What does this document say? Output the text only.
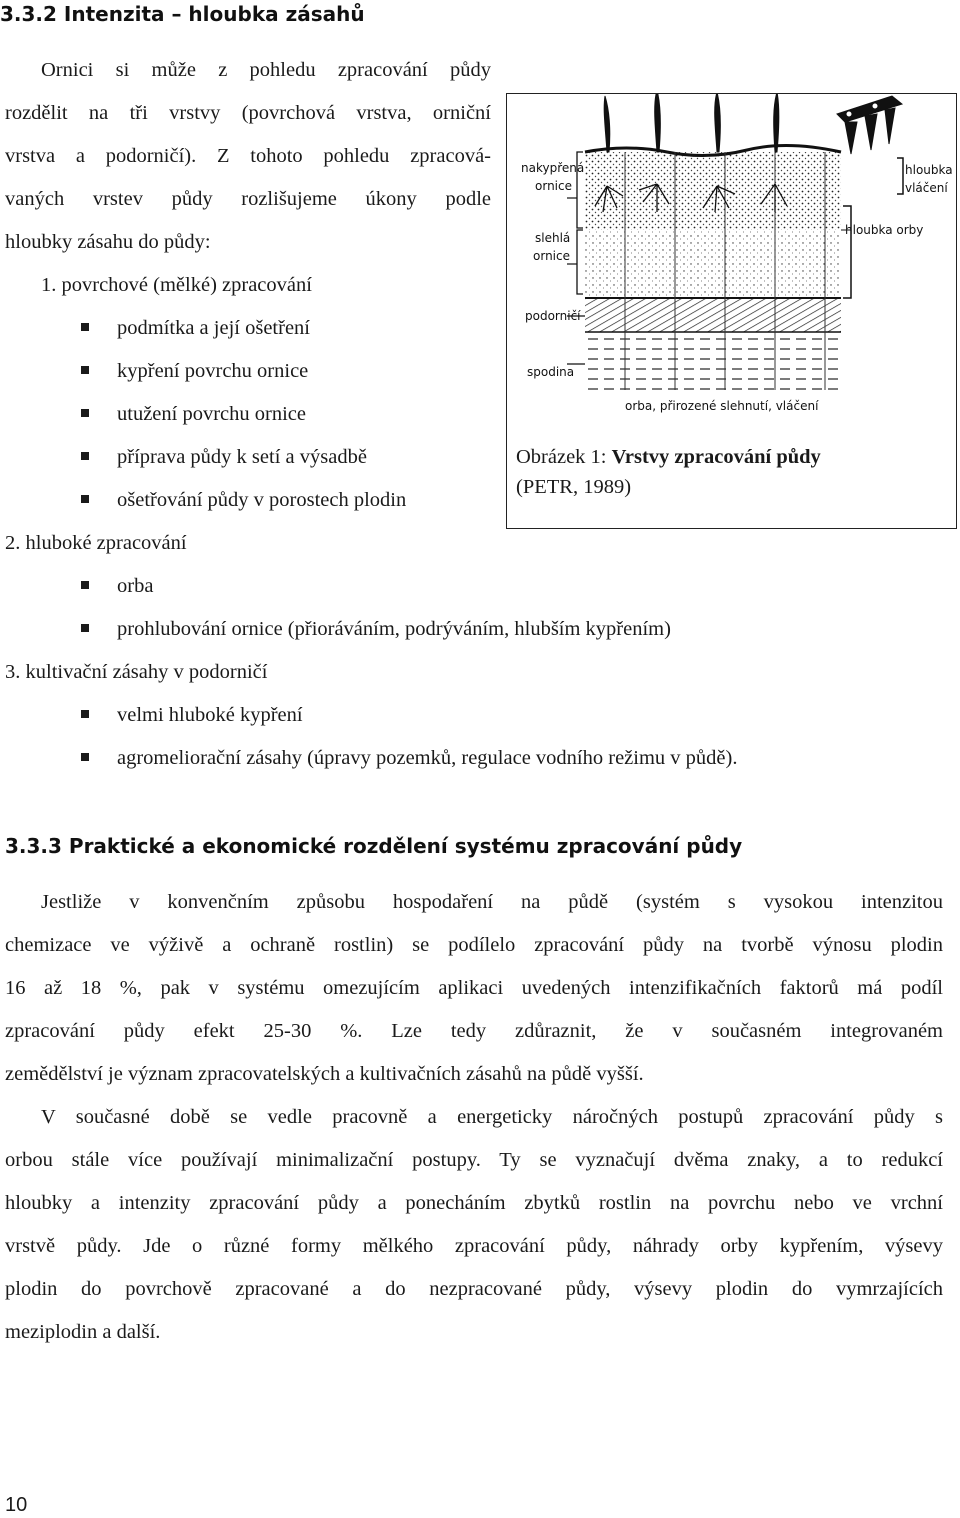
3.3.2 Intenzita – hloubka zásahů
Ornici si může z pohledu zpracování půdy
rozdělit na tři vrstvy (povrchová vrstva, orniční
vrstva a podorničí). Z tohoto pohledu zpracová-
vaných vrstev půdy rozlišujeme úkony podle
hloubky zásahu do půdy:
1. povrchové (mělké) zpracování
podmítka a její ošetření
kypření povrchu ornice
utužení povrchu ornice
příprava půdy k setí a výsadbě
ošetřování půdy v porostech plodin
2. hluboké zpracování
orba
prohlubování ornice (přioráváním, podrýváním, hlubším kypřením)
3. kultivační zásahy v podorničí
velmi hluboké kypření
agromeliorační zásahy (úpravy pozemků, regulace vodního režimu v půdě).
nakypřená
ornice
slehlá
ornice
podorničí
spodina
hloubka
vláčení
hloubka orby
orba, přirozené slehnutí, vláčení
Obrázek 1: Vrstvy zpracování půdy
(PETR, 1989)
3.3.3 Praktické a ekonomické rozdělení systému zpracování půdy
Jestliže v konvenčním způsobu hospodaření na půdě (systém s vysokou intenzitou
chemizace ve výživě a ochraně rostlin) se podílelo zpracování půdy na tvorbě výnosu plodin
16 až 18 %, pak v systému omezujícím aplikaci uvedených intenzifikačních faktorů má podíl
zpracování půdy efekt 25-30 %. Lze tedy zdůraznit, že v současném integrovaném
zemědělství je význam zpracovatelských a kultivačních zásahů na půdě vyšší.
V současné době se vedle pracovně a energeticky náročných postupů zpracování půdy s
orbou stále více používají minimalizační postupy. Ty se vyznačují dvěma znaky, a to redukcí
hloubky a intenzity zpracování půdy a ponecháním zbytků rostlin na povrchu nebo ve vrchní
vrstvě půdy. Jde o různé formy mělkého zpracování půdy, náhrady orby kypřením, výsevy
plodin do povrchově zpracované a do nezpracované půdy, výsevy plodin do vymrzajících
meziplodin a další.
10
